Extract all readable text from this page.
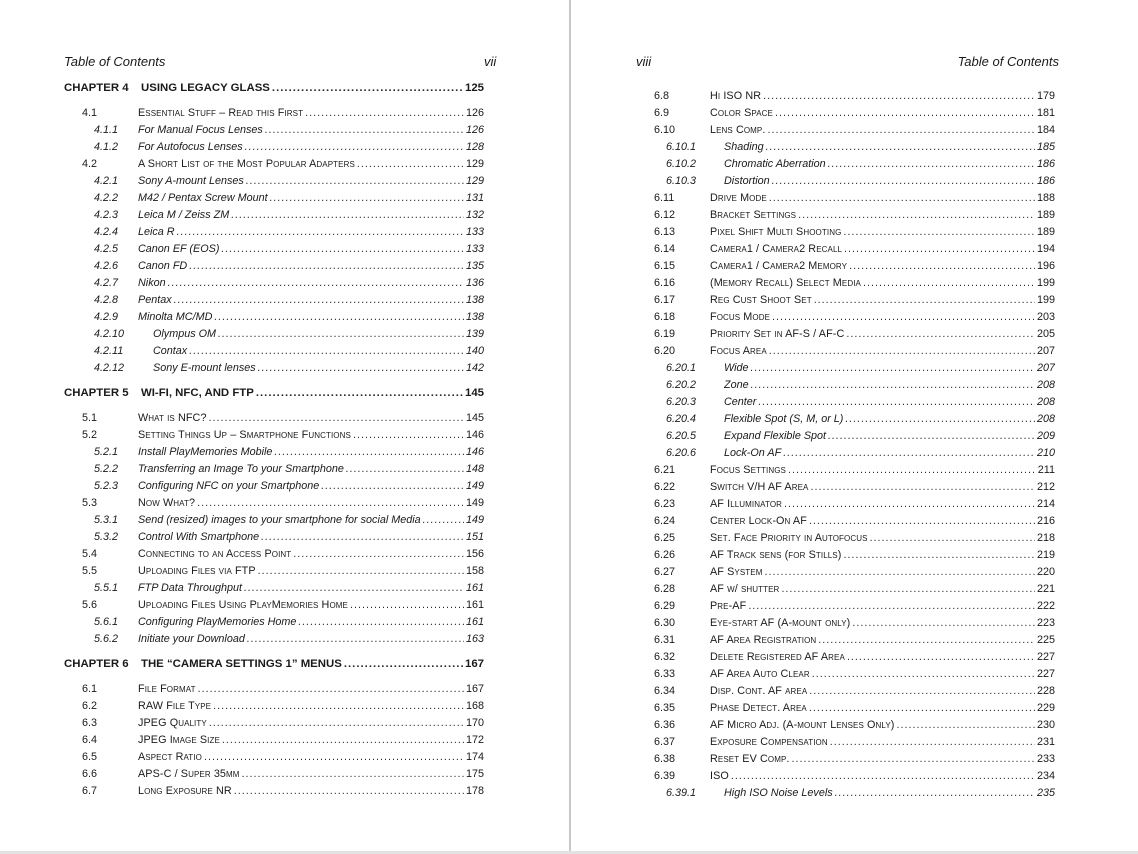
Table of Contents	vii
CHAPTER 4	USING LEGACY GLASS .....	125
4.1	Essential Stuff – Read this First .....	126
4.1.1 For Manual Focus Lenses .....	126
4.1.2 For Autofocus Lenses .....	128
4.2	A Short List of the Most Popular Adapters .....	129
4.2.1 Sony A-mount Lenses .....	129
4.2.2 M42 / Pentax Screw Mount .....	131
4.2.3 Leica M / Zeiss ZM .....	132
4.2.4 Leica R .....	133
4.2.5 Canon EF (EOS) .....	133
4.2.6 Canon FD .....	135
4.2.7 Nikon .....	136
4.2.8 Pentax .....	138
4.2.9 Minolta MC/MD .....	138
4.2.10	Olympus OM .....	139
4.2.11	Contax .....	140
4.2.12	Sony E-mount lenses .....	142
CHAPTER 5	WI-FI, NFC, AND FTP .....	145
5.1	What is NFC? .....	145
5.2	Setting Things Up – Smartphone Functions .....	146
5.2.1 Install PlayMemories Mobile .....	146
5.2.2 Transferring an Image To your Smartphone .....	148
5.2.3 Configuring NFC on your Smartphone .....	149
5.3	Now What? .....	149
5.3.1 Send (resized) images to your smartphone for social Media .....	149
5.3.2 Control With Smartphone .....	151
5.4	Connecting to an Access Point .....	156
5.5	Uploading Files via FTP .....	158
5.5.1 FTP Data Throughput .....	161
5.6	Uploading Files Using PlayMemories Home .....	161
5.6.1 Configuring PlayMemories Home .....	161
5.6.2 Initiate your Download .....	163
CHAPTER 6	THE “CAMERA SETTINGS 1” MENUS .....	167
6.1	File Format .....	167
6.2	RAW File Type .....	168
6.3	JPEG Quality .....	170
6.4	JPEG Image Size .....	172
6.5	Aspect Ratio .....	174
6.6	APS-C / Super 35mm .....	175
6.7	Long Exposure NR .....	178
viii	Table of Contents
6.8	Hi ISO NR .....	179
6.9	Color Space .....	181
6.10	Lens Comp. .....	184
6.10.1	Shading .....	185
6.10.2	Chromatic Aberration .....	186
6.10.3	Distortion .....	186
6.11	Drive Mode .....	188
6.12	Bracket Settings .....	189
6.13	Pixel Shift Multi Shooting .....	189
6.14	Camera1 / Camera2 Recall .....	194
6.15	Camera1 / Camera2 Memory .....	196
6.16	(Memory Recall) Select Media .....	199
6.17	Reg Cust Shoot Set .....	199
6.18	Focus Mode .....	203
6.19	Priority Set in AF-S / AF-C .....	205
6.20	Focus Area .....	207
6.20.1	Wide .....	207
6.20.2	Zone .....	208
6.20.3	Center .....	208
6.20.4	Flexible Spot (S, M, or L) .....	208
6.20.5	Expand Flexible Spot .....	209
6.20.6	Lock-On AF .....	210
6.21	Focus Settings .....	211
6.22	Switch V/H AF Area .....	212
6.23	AF Illuminator .....	214
6.24	Center Lock-On AF .....	216
6.25	Set. Face Priority in Autofocus .....	218
6.26	AF Track sens (for Stills) .....	219
6.27	AF System .....	220
6.28	AF w/ shutter .....	221
6.29	Pre-AF .....	222
6.30	Eye-start AF (A-mount only) .....	223
6.31	AF Area Registration .....	225
6.32	Delete Registered AF Area .....	227
6.33	AF Area Auto Clear .....	227
6.34	Disp. Cont. AF area .....	228
6.35	Phase Detect. Area .....	229
6.36	AF Micro Adj. (A-mount Lenses Only) .....	230
6.37	Exposure Compensation .....	231
6.38	Reset EV Comp. .....	233
6.39	ISO .....	234
6.39.1	High ISO Noise Levels .....	235
